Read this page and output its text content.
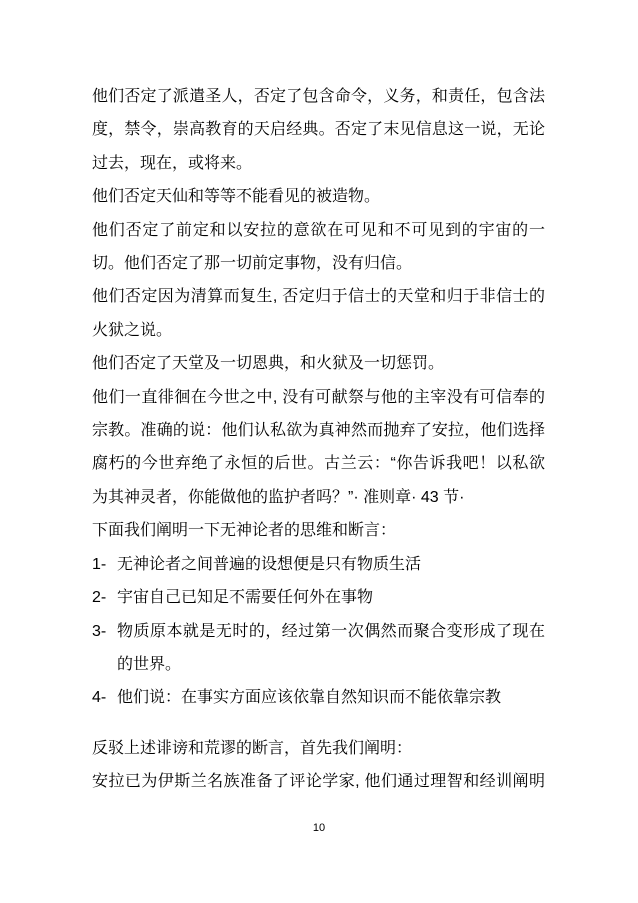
他们否定了派遣圣人，否定了包含命令，义务，和责任，包含法
度，禁令，崇高教育的天启经典。否定了末见信息这一说，无论
过去，现在，或将来。
他们否定天仙和等等不能看见的被造物。
他们否定了前定和以安拉的意欲在可见和不可见到的宇宙的一
切。他们否定了那一切前定事物，没有归信。
他们否定因为清算而复生, 否定归于信士的天堂和归于非信士的
火狱之说。
他们否定了天堂及一切恩典，和火狱及一切惩罚。
他们一直徘徊在今世之中, 没有可献祭与他的主宰没有可信奉的
宗教。准确的说：他们认私欲为真神然而抛弃了安拉，他们选择
腐朽的今世弃绝了永恒的后世。古兰云：“你告诉我吧！以私欲
为其神灵者，你能做他的监护者吗？”· 准则章· 43 节·
下面我们阐明一下无神论者的思维和断言：
1- 无神论者之间普遍的设想便是只有物质生活
2- 宇宙自己已知足不需要任何外在事物
3- 物质原本就是无时的，经过第一次偶然而聚合变形成了现在
的世界。
4- 他们说：在事实方面应该依靠自然知识而不能依靠宗教
反驳上述诽谤和荒谬的断言，首先我们阐明：
安拉已为伊斯兰名族准备了评论学家, 他们通过理智和经训阐明
10
